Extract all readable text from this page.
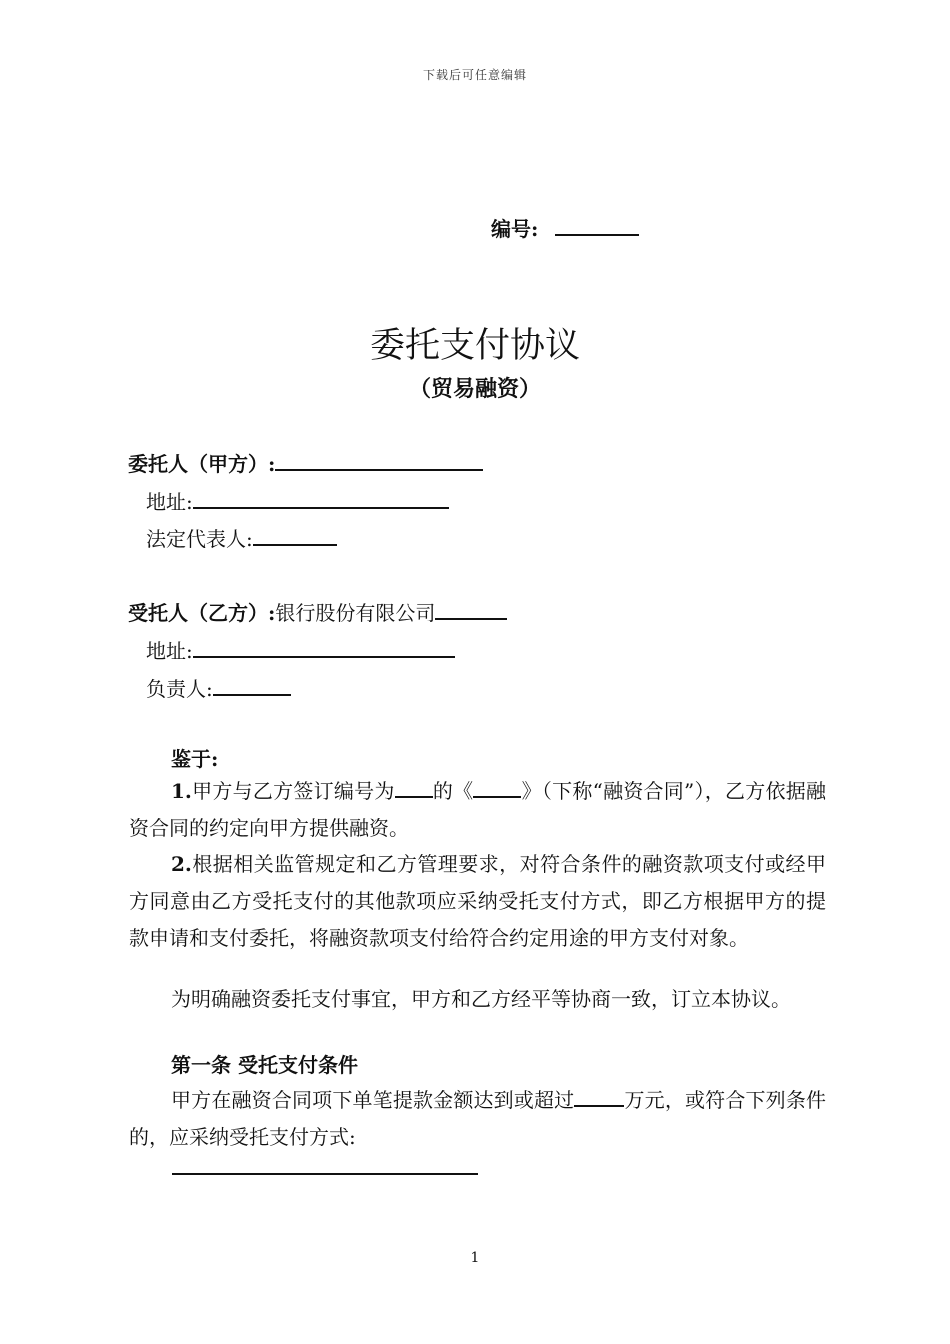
下载后可任意编辑
编号:
委托支付协议
（贸易融资）
委托人（甲方）:
地址:
法定代表人:
受托人（乙方）:银行股份有限公司
地址:
负责人:
鉴于:
1.甲方与乙方签订编号为 的《 》（下称“融资合同”），乙方依据融资合同的约定向甲方提供融资。
2.根据相关监管规定和乙方管理要求，对符合条件的融资款项支付或经甲方同意由乙方受托支付的其他款项应采纳受托支付方式，即乙方根据甲方的提款申请和支付委托，将融资款项支付给符合约定用途的甲方支付对象。
为明确融资委托支付事宜，甲方和乙方经平等协商一致，订立本协议。
第一条 受托支付条件
甲方在融资合同项下单笔提款金额达到或超过	万元，或符合下列条件的，应采纳受托支付方式:
1
